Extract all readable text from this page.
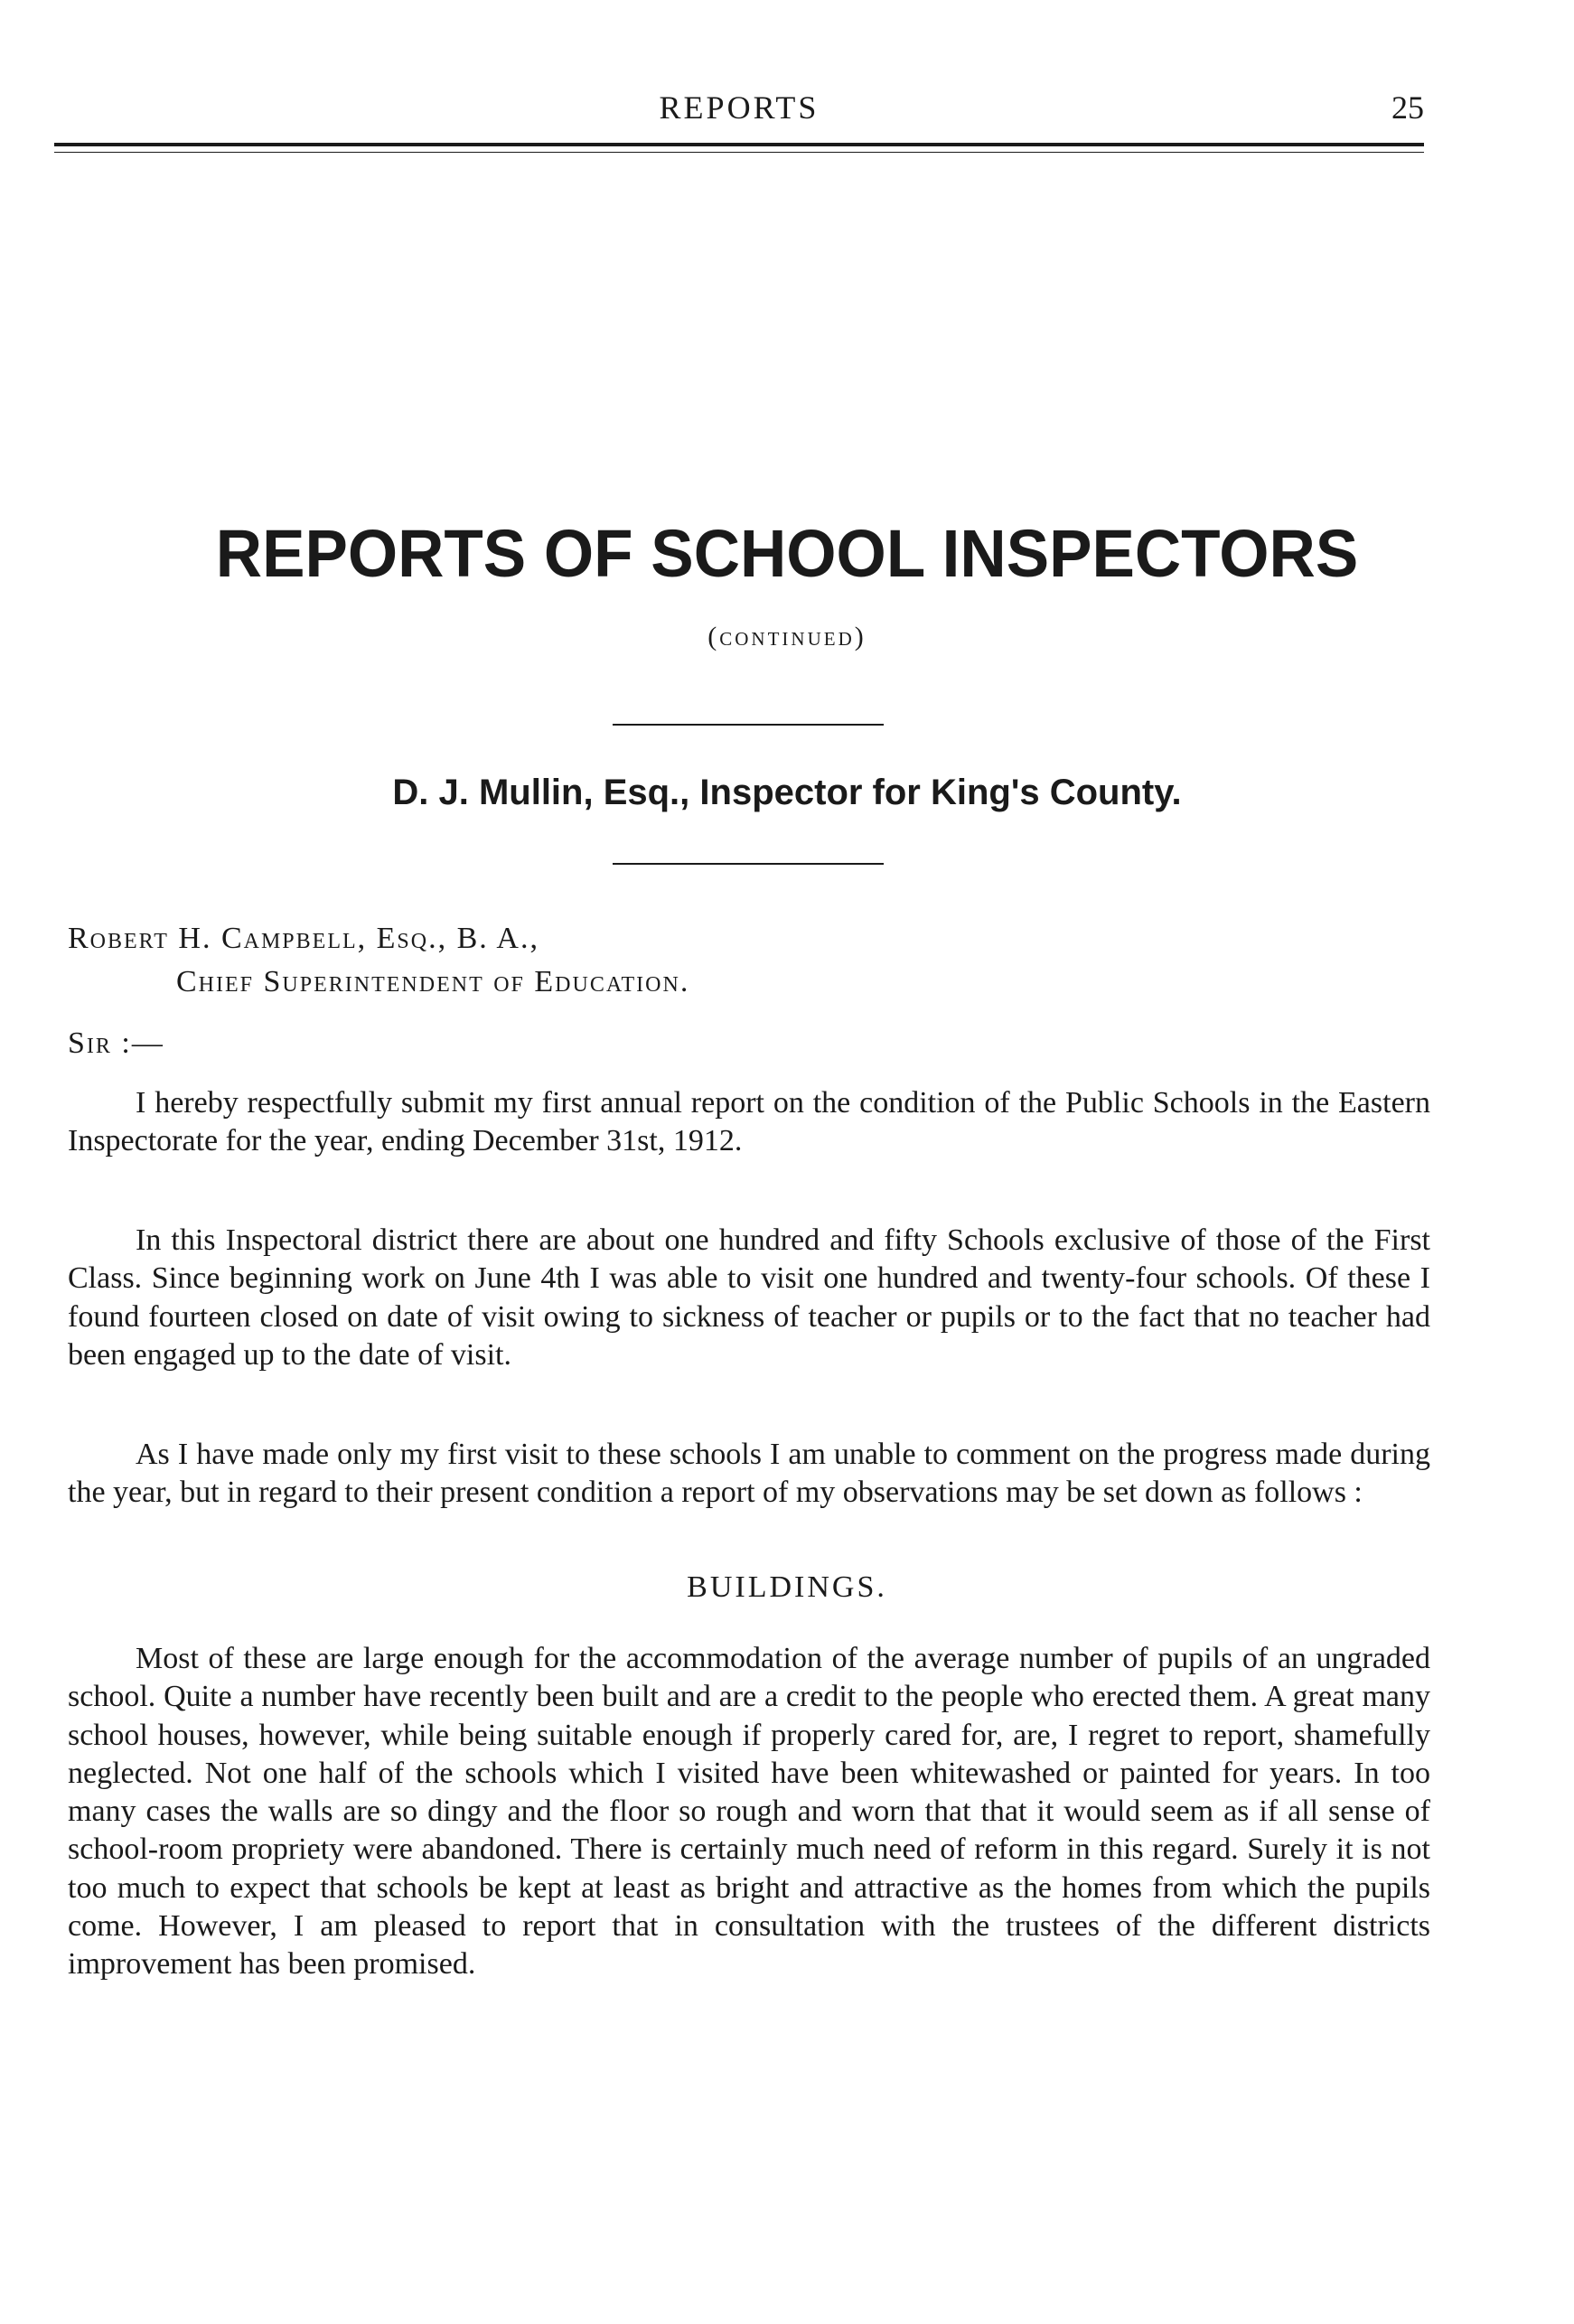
REPORTS	25
REPORTS OF SCHOOL INSPECTORS
(continued)
D. J. Mullin, Esq., Inspector for King's County.
Robert H. Campbell, Esq., B. A.,
Chief Superintendent of Education.
Sir :—

I hereby respectfully submit my first annual report on the condition of the Public Schools in the Eastern Inspectorate for the year, ending December 31st, 1912.

In this Inspectoral district there are about one hundred and fifty Schools exclusive of those of the First Class. Since beginning work on June 4th I was able to visit one hundred and twenty-four schools. Of these I found fourteen closed on date of visit owing to sickness of teacher or pupils or to the fact that no teacher had been engaged up to the date of visit.

As I have made only my first visit to these schools I am unable to comment on the progress made during the year, but in regard to their present condition a report of my observations may be set down as follows :

BUILDINGS.

Most of these are large enough for the accommodation of the average number of pupils of an ungraded school. Quite a number have recently been built and are a credit to the people who erected them. A great many school houses, however, while being suitable enough if properly cared for, are, I regret to report, shamefully neglected. Not one half of the schools which I visited have been whitewashed or painted for years. In too many cases the walls are so dingy and the floor so rough and worn that that it would seem as if all sense of school-room propriety were abandoned. There is certainly much need of reform in this regard. Surely it is not too much to expect that schools be kept at least as bright and attractive as the homes from which the pupils come. However, I am pleased to report that in consultation with the trustees of the different districts improvement has been promised.
